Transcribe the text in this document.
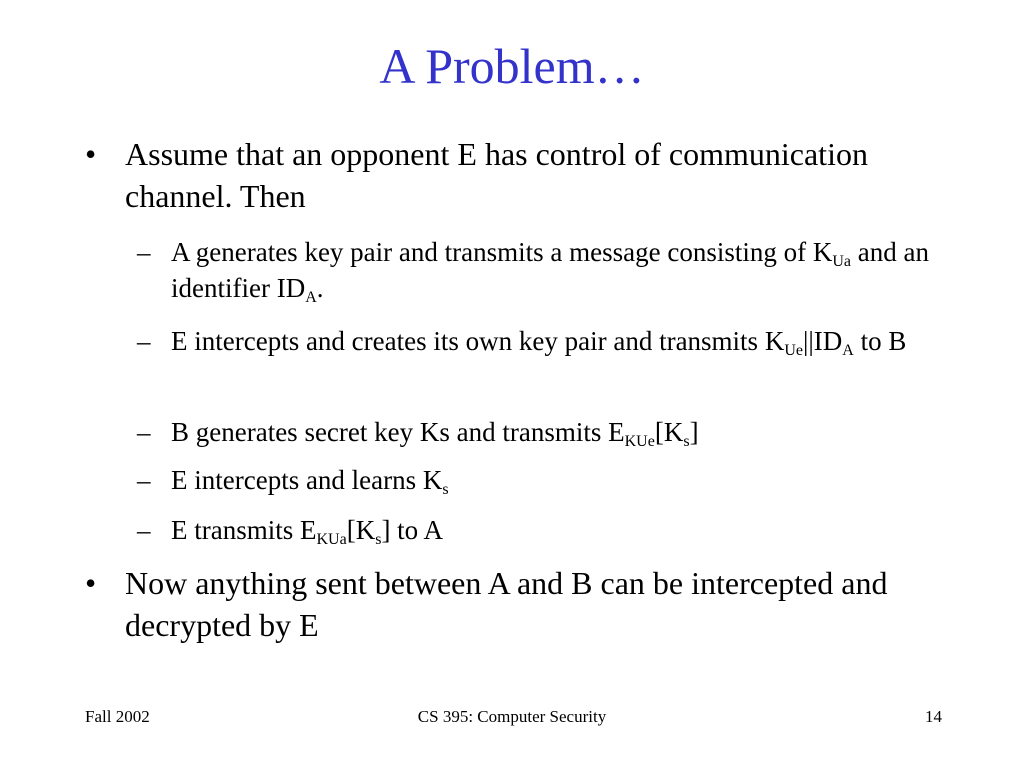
A Problem…
• Assume that an opponent E has control of communication channel. Then
– A generates key pair and transmits a message consisting of $K_{Ua}$ and an identifier $ID_A$.
– E intercepts and creates its own key pair and transmits $K_{Ue}||ID_A$ to B
– B generates secret key Ks and transmits $E_{KUe}[K_s]$
– E intercepts and learns $K_s$
– E transmits $E_{KUa}[K_s]$ to A
• Now anything sent between A and B can be intercepted and decrypted by E
Fall 2002	CS 395: Computer Security	14
